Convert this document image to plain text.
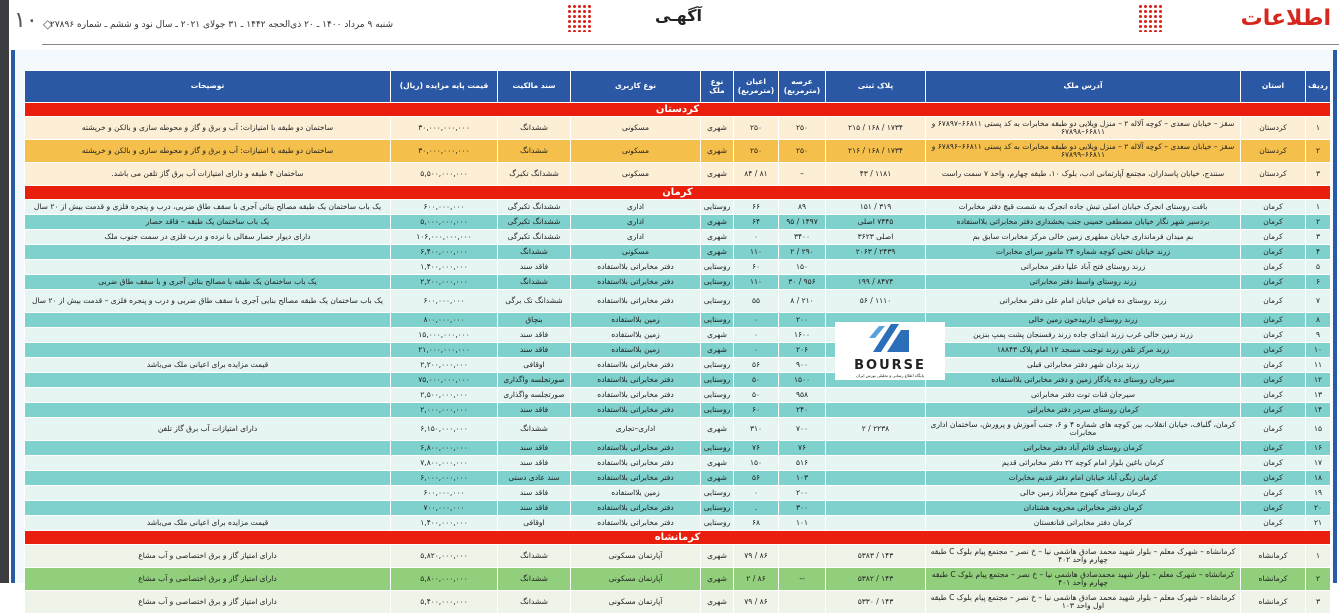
اطلاعات
آگهـی
شنبه ۹ مرداد ۱۴۰۰ ـ ۲۰ ذی‌الحجه ۱۴۴۲ ـ ۳۱ جولای ۲۰۲۱ ـ سال نود و ششم ـ شماره ۲۷۸۹۶
◇
۱۰
ردیف	استان	آدرس ملک	پلاک ثبتی	عرصه (مترمربع)	اعیان (مترمربع)	نوع ملک	نوع کاربری	سند مالکیت	قیمت پایه مزایده (ریال)	توضیحات
کردستان										
۱	کردستان	سقز – خیابان سعدی – کوچه آلاله ۲ – منزل ویلایی دو طبقه مخابرات به کد پستی ۶۶۸۱۱–۶۷۸۹۷ و ۶۶۸۱۱–۶۷۸۹۸	۱۷۳۴ / ۱۶۸ / ۲۱۵	۲۵۰	۲۵۰	شهری	مسکونی	ششدانگ	۳۰,۰۰۰,۰۰۰,۰۰۰	ساختمان دو طبقه با امتیازات: آب و برق و گاز و محوطه سازی و بالکن و خرپشته
۲	کردستان	سقز – خیابان سعدی – کوچه آلاله ۲ – منزل ویلایی دو طبقه مخابرات به کد پستی ۶۶۸۱۱–۶۷۸۹۶ و ۶۶۸۱۱–۶۷۸۹۹	۱۷۳۴ / ۱۶۸ / ۲۱۶	۲۵۰	۲۵۰	شهری	مسکونی	ششدانگ	۳۰,۰۰۰,۰۰۰,۰۰۰	ساختمان دو طبقه با امتیازات: آب و برق و گاز و محوطه سازی و بالکن و خرپشته
۳	کردستان	سنندج، خیابان پاسداران، مجتمع آپارتمانی ادب، بلوک ۱۰، طبقه چهارم، واحد ۷ سمت راست	۱۱۸۱ / ۴۳	–	۸۱ / ۸۴	شهری	مسکونی	ششدانگ تکبرگ	۵,۵۰۰,۰۰۰,۰۰۰	ساختمان ۴ طبقه و دارای امتیازات آب برق گاز تلفن می باشد.
کرمان										
۱	کرمان	بافت روستای انجرک خیابان اصلی تبش جاده انجرک به شصت قیچ دفتر مخابرات	۳۱۹ / ۱۵۱	۸۹	۶۶	روستایی	اداری	ششدانگ تکبرگی	۶۰۰,۰۰۰,۰۰۰	یک باب ساختمان یک طبقه مصالح بنائی آجری با سقف طاق ضربی، درب و پنجره فلزی و قدمت بیش از ۲۰ سال
۲	کرمان	بردسیر شهر نگار خیابان مصطفی خمینی جنب بخشداری دفتر مخابراتی بلااستفاده	۷۴۴۵ اصلی	۱۴۹۷ / ۹۵	۶۴	شهری	اداری	ششدانگ تکبرگی	۵,۰۰۰,۰۰۰,۰۰۰	یک باب ساختمان یک طبقه – فاقد حصار
۳	کرمان	بم میدان فرمانداری خیابان مطهری زمین خالی مرکز مخابرات سابق بم	اصلی ۳۶۲۳	۳۴۰۰	۰	شهری	اداری	ششدانگ تکبرگی	۱۰۶,۰۰۰,۰۰۰,۰۰۰	دارای دیوار حصار سفالی با نرده و درب فلزی در سمت جنوب ملک
۴	کرمان	زرند خیابان تختی کوچه شماره ۲۴ مامور سرای مخابرات	۲۴۳۹ / ۲۰۶۳	۲۹۰ / ۲	۱۱۰	شهری	مسکونی	ششدانگ	۶,۴۰۰,۰۰۰,۰۰۰	
۵	کرمان	زرند روستای فتح آباد علیا دفتر مخابراتی		۱۵۰	۶۰	روستایی	دفتر مخابراتی بلااستفاده	فاقد سند	۱,۴۰۰,۰۰۰,۰۰۰	
۶	کرمان	زرند روستای واسط دفتر مخابراتی	۸۴۷۴ / ۱۹۹	۹۵۶ / ۳۰	۱۱۰	روستایی	دفتر مخابراتی بلااستفاده	ششدانگ	۲,۲۰۰,۰۰۰,۰۰۰	یک باب ساختمان یک طبقه با مصالح بنائی آجری و با سقف طاق ضربی
۷	کرمان	زرند روستای ده فیاض خیابان امام علی دفتر مخابراتی	۱۱۱۰ / ۵۶	۲۱۰ / ۸	۵۵	روستایی	دفتر مخابراتی بلااستفاده	ششدانگ تک برگی	۶۰۰,۰۰۰,۰۰۰	یک باب ساختمان یک طبقه مصالح بنایی آجری با سقف طاق ضربی و درب و پنجره فلزی – قدمت بیش از ۲۰ سال
۸	کرمان	زرند روستای داربیدخون زمین خالی		۲۰۰	۰	روستایی	زمین بلااستفاده	بنچاق	۸۰۰,۰۰۰,۰۰۰	
۹	کرمان	زرند زمین خالی غرب زرند ابتدای جاده زرند رفسنجان پشت پمپ بنزین		۱۶۰۰	۰	شهری	زمین بلااستفاده	فاقد سند	۱۵,۰۰۰,۰۰۰,۰۰۰	
۱۰	کرمان	زرند مرکز تلفن زرند توجنب مسجد ۱۲ امام پلاک ۱۸۸۴۳		۲۰۶	۰	شهری	زمین بلااستفاده	فاقد سند	۲۱,۰۰۰,۰۰۰,۰۰۰	
۱۱	کرمان	زرند یزدان شهر دفتر مخابراتی قبلی		۹۰۰	۵۶	روستایی	دفتر مخابراتی بلااستفاده	اوقافی	۲,۲۰۰,۰۰۰,۰۰۰	قیمت مزایده برای اعیانی ملک می‌باشد
۱۲	کرمان	سیرجان روستای ده یادگار زمین و دفتر مخابراتی بلااستفاده		۱۵۰۰	۵۰	روستایی	دفتر مخابراتی بلااستفاده	صورتجلسه واگذاری	۷۵,۰۰۰,۰۰۰,۰۰۰	
۱۳	کرمان	سیرجان قنات توت دفتر مخابراتی		۹۵۸	۵۰	روستایی	دفتر مخابراتی بلااستفاده	صورتجلسه واگذاری	۲,۵۰۰,۰۰۰,۰۰۰	
۱۴	کرمان	کرمان روستای سردر دفتر مخابراتی		۲۴۰	۶۰	روستایی	دفتر مخابراتی بلااستفاده	فاقد سند	۲,۰۰۰,۰۰۰,۰۰۰	
۱۵	کرمان	کرمان، گلباف، خیابان انقلاب، بین کوچه های شماره ۴ و ۶، جنب آموزش و پرورش، ساختمان اداری مخابرات	۲۲۳۸ / ۲	۷۰۰	۳۱۰	شهری	اداری–تجاری	ششدانگ	۶,۱۵۰,۰۰۰,۰۰۰	دارای امتیازات آب برق گاز تلفن
۱۶	کرمان	کرمان روستای قائم آباد دفتر مخابراتی		۷۶	۷۶	روستایی	دفتر مخابراتی بلااستفاده	فاقد سند	۶,۸۰۰,۰۰۰,۰۰۰	
۱۷	کرمان	کرمان باغین بلوار امام کوچه ۲۲ دفتر مخابراتی قدیم		۵۱۶	۱۵۰	شهری	دفتر مخابراتی بلااستفاده	فاقد سند	۷,۸۰۰,۰۰۰,۰۰۰	
۱۸	کرمان	کرمان زنگی آباد خیابان امام دفتر قدیم مخابرات		۱۰۳	۵۶	شهری	دفتر مخابراتی بلااستفاده	سند عادی دستی	۶,۰۰۰,۰۰۰,۰۰۰	
۱۹	کرمان	کرمان روستای کهنوج معزآباد زمین خالی		۲۰۰	۰	روستایی	زمین بلااستفاده	فاقد سند	۶۰۰,۰۰۰,۰۰۰	
۲۰	کرمان	کرمان دفتر مخابراتی مخروبه هشتادان		۳۰۰	.	روستایی	دفتر مخابراتی بلااستفاده	فاقد سند	۷۰۰,۰۰۰,۰۰۰	
۲۱	کرمان	کرمان دفتر مخابراتی قنانغستان		۱۰۱	۶۸	روستایی	دفتر مخابراتی بلااستفاده	اوقافی	۱,۴۰۰,۰۰۰,۰۰۰	قیمت مزایده برای اعیانی ملک می‌باشد
کرمانشاه										
۱	کرمانشاه	کرمانشاه – شهرک معلم – بلوار شهید محمد صادق هاشمی نیا – خ نصر – مجتمع پیام بلوک C طبقه چهارم واحد ۴۰۲	۱۴۳ / ۵۳۸۳		۸۶ / ۷۹	شهری	آپارتمان مسکونی	ششدانگ	۵,۸۲۰,۰۰۰,۰۰۰	دارای امتیاز گاز و برق اختصاصی و آب مشاع
۲	کرمانشاه	کرمانشاه – شهرک معلم – بلوار شهید محمدصادق هاشمی نیا – خ نصر – مجتمع پیام بلوک C طبقه چهارم واحد ۴۰۱	۱۴۳ / ۵۳۸۲	--	۸۶ / ۲	شهری	آپارتمان مسکونی	ششدانگ	۵,۸۰۰,۰۰۰,۰۰۰	دارای امتیاز گاز و برق اختصاصی و آب مشاع
۳	کرمانشاه	کرمانشاه – شهرک معلم – بلوار شهید محمد صادق هاشمی نیا – خ نصر – مجتمع پیام بلوک C طبقه اول واحد ۱۰۳	۱۴۳ / ۵۳۳۰		۸۶ / ۷۹	شهری	آپارتمان مسکونی	ششدانگ	۵,۴۰۰,۰۰۰,۰۰۰	دارای امتیاز گاز و برق اختصاصی و آب مشاع
BOURSE
پایگاه اطلاع رسانی و تحلیلی بورس ایران
